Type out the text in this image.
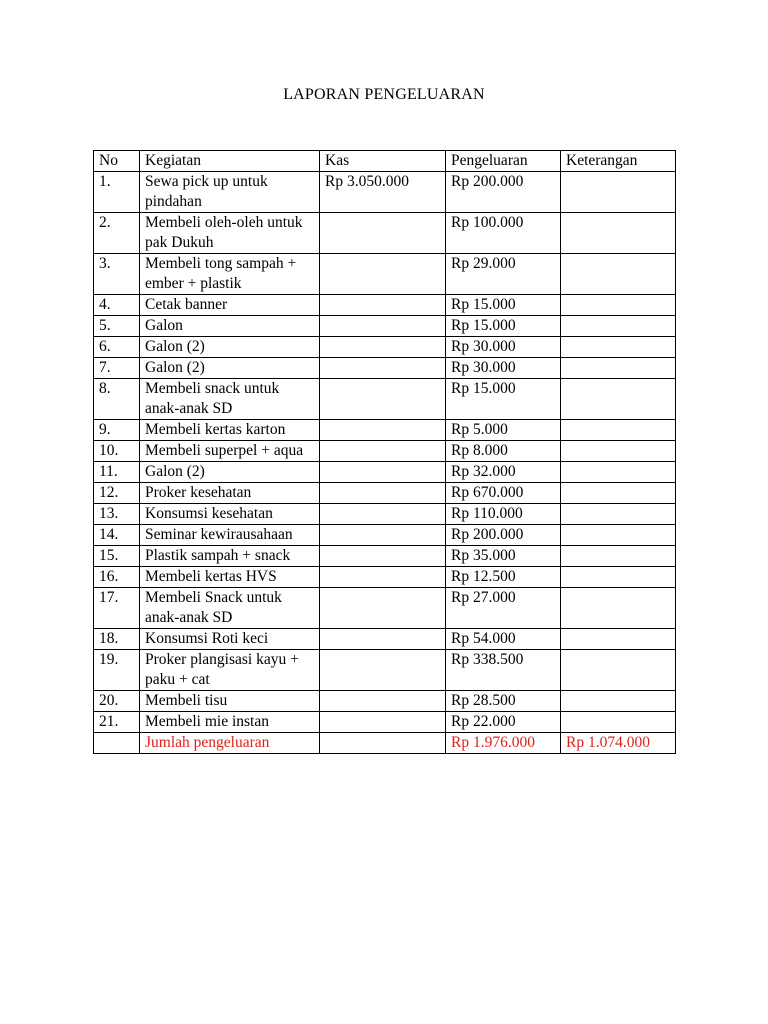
LAPORAN PENGELUARAN
No	Kegiatan	Kas	Pengeluaran	Keterangan
1.	Sewa pick up untuk pindahan	Rp 3.050.000	Rp 200.000	
2.	Membeli oleh-oleh untuk pak Dukuh		Rp 100.000	
3.	Membeli tong sampah + ember + plastik		Rp 29.000	
4.	Cetak banner		Rp 15.000	
5.	Galon		Rp 15.000	
6.	Galon (2)		Rp 30.000	
7.	Galon (2)		Rp 30.000	
8.	Membeli snack untuk anak-anak SD		Rp 15.000	
9.	Membeli kertas karton		Rp 5.000	
10.	Membeli superpel + aqua		Rp 8.000	
11.	Galon (2)		Rp 32.000	
12.	Proker kesehatan		Rp 670.000	
13.	Konsumsi kesehatan		Rp 110.000	
14.	Seminar kewirausahaan		Rp 200.000	
15.	Plastik sampah + snack		Rp 35.000	
16.	Membeli kertas HVS		Rp 12.500	
17.	Membeli Snack untuk anak-anak SD		Rp 27.000	
18.	Konsumsi Roti keci		Rp 54.000	
19.	Proker plangisasi kayu + paku + cat		Rp 338.500	
20.	Membeli tisu		Rp 28.500	
21.	Membeli mie instan		Rp 22.000	
	Jumlah pengeluaran		Rp 1.976.000	Rp 1.074.000
